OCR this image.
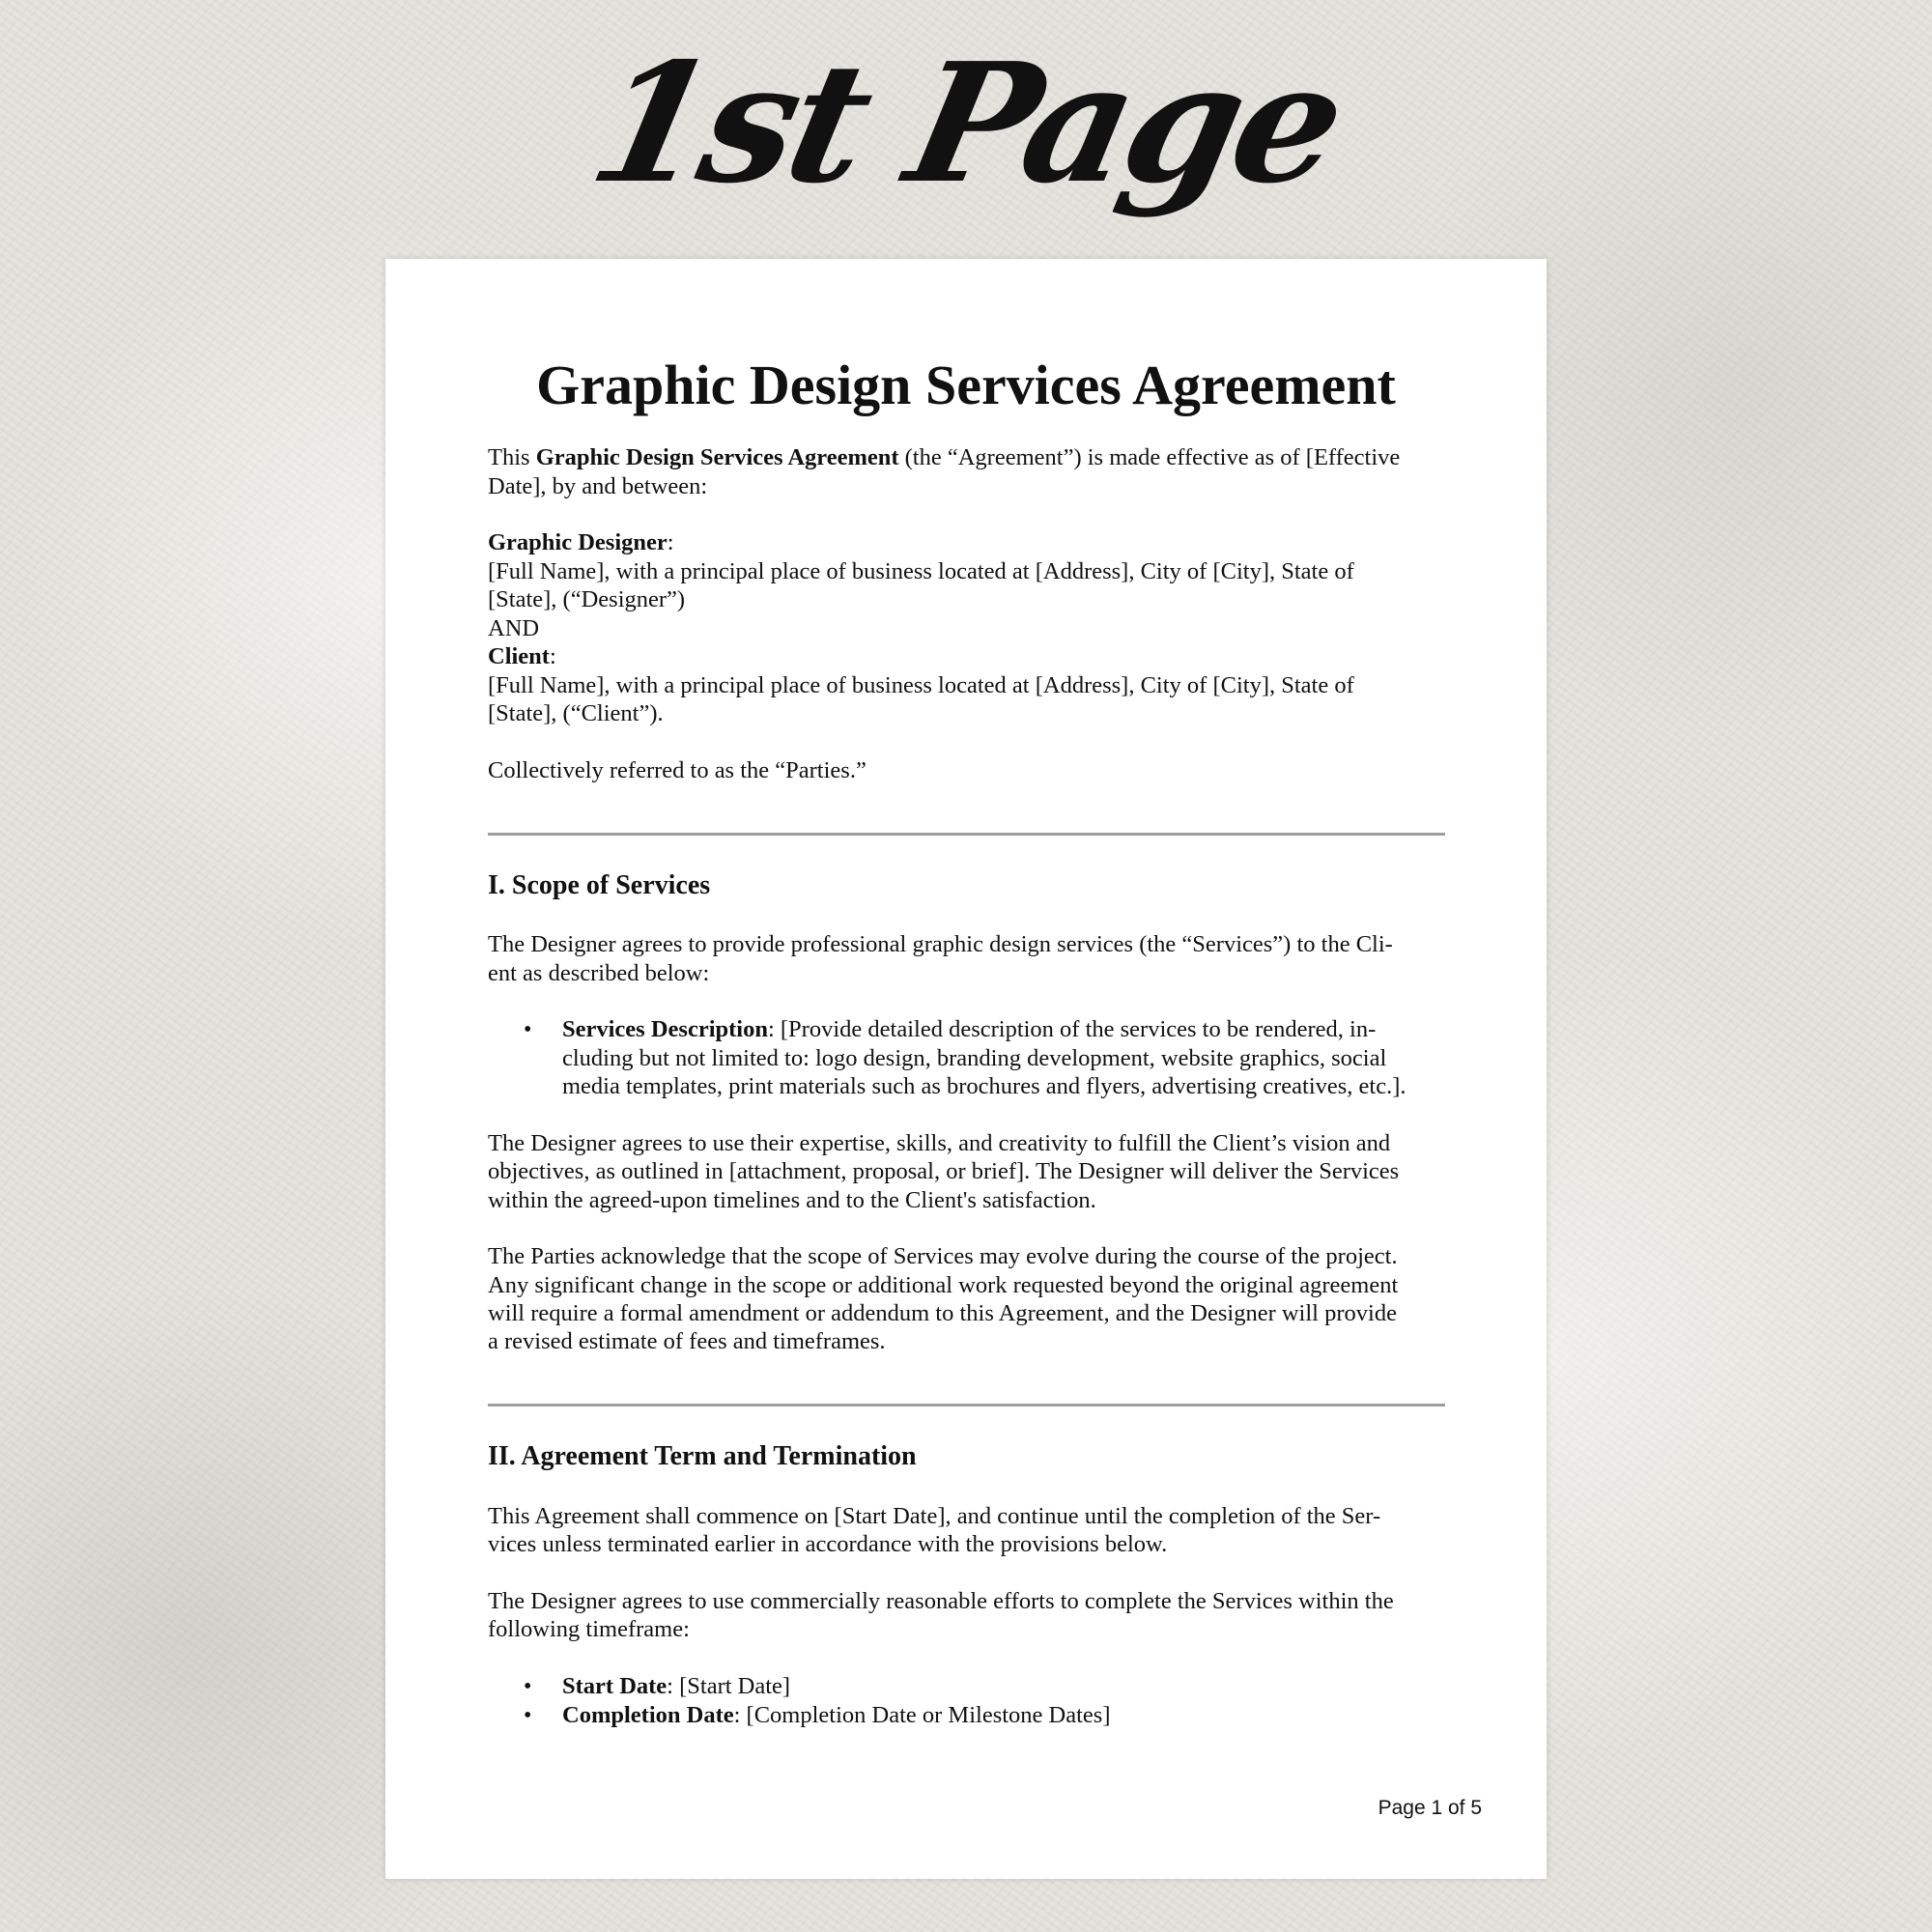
1st Page
Graphic Design Services Agreement
This Graphic Design Services Agreement (the “Agreement”) is made effective as of [Effective
Date], by and between:
Graphic Designer:
[Full Name], with a principal place of business located at [Address], City of [City], State of
[State], (“Designer”)
AND
Client:
[Full Name], with a principal place of business located at [Address], City of [City], State of
[State], (“Client”).
Collectively referred to as the “Parties.”
I. Scope of Services
The Designer agrees to provide professional graphic design services (the “Services”) to the Cli-
ent as described below:
• Services Description: [Provide detailed description of the services to be rendered, in-
cluding but not limited to: logo design, branding development, website graphics, social
media templates, print materials such as brochures and flyers, advertising creatives, etc.].
The Designer agrees to use their expertise, skills, and creativity to fulfill the Client’s vision and
objectives, as outlined in [attachment, proposal, or brief]. The Designer will deliver the Services
within the agreed-upon timelines and to the Client's satisfaction.
The Parties acknowledge that the scope of Services may evolve during the course of the project.
Any significant change in the scope or additional work requested beyond the original agreement
will require a formal amendment or addendum to this Agreement, and the Designer will provide
a revised estimate of fees and timeframes.
II. Agreement Term and Termination
This Agreement shall commence on [Start Date], and continue until the completion of the Ser-
vices unless terminated earlier in accordance with the provisions below.
The Designer agrees to use commercially reasonable efforts to complete the Services within the
following timeframe:
• Start Date: [Start Date]
• Completion Date: [Completion Date or Milestone Dates]
Page 1 of 5
